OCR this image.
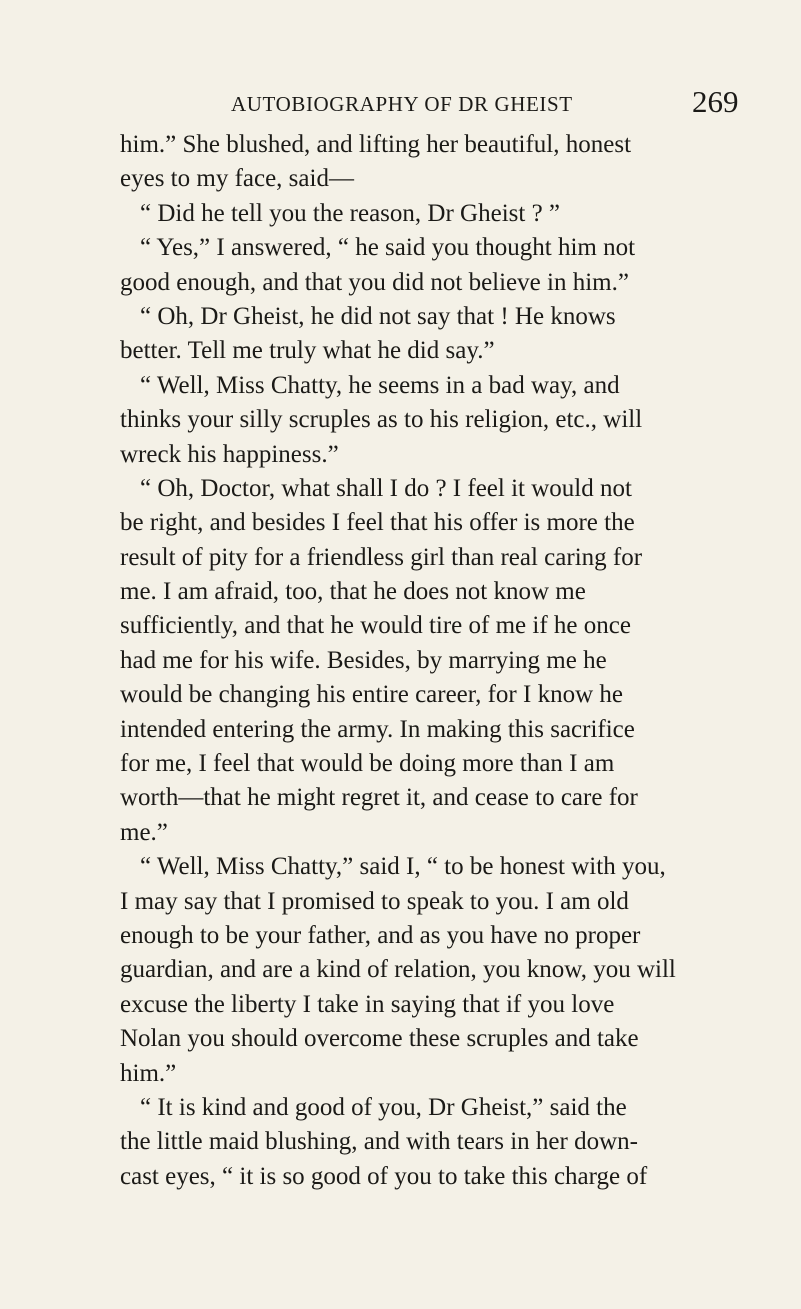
AUTOBIOGRAPHY OF DR GHEIST	269
him.” She blushed, and lifting her beautiful, honest
eyes to my face, said—
“ Did he tell you the reason, Dr Gheist ? ”
“ Yes,” I answered, “ he said you thought him not
good enough, and that you did not believe in him.”
“ Oh, Dr Gheist, he did not say that ! He knows
better. Tell me truly what he did say.”
“ Well, Miss Chatty, he seems in a bad way, and
thinks your silly scruples as to his religion, etc., will
wreck his happiness.”
“ Oh, Doctor, what shall I do ? I feel it would not
be right, and besides I feel that his offer is more the
result of pity for a friendless girl than real caring for
me. I am afraid, too, that he does not know me
sufficiently, and that he would tire of me if he once
had me for his wife. Besides, by marrying me he
would be changing his entire career, for I know he
intended entering the army. In making this sacrifice
for me, I feel that would be doing more than I am
worth—that he might regret it, and cease to care for
me.”
“ Well, Miss Chatty,” said I, “ to be honest with you,
I may say that I promised to speak to you. I am old
enough to be your father, and as you have no proper
guardian, and are a kind of relation, you know, you will
excuse the liberty I take in saying that if you love
Nolan you should overcome these scruples and take
him.”
“ It is kind and good of you, Dr Gheist,” said the
the little maid blushing, and with tears in her down-
cast eyes, “ it is so good of you to take this charge of
